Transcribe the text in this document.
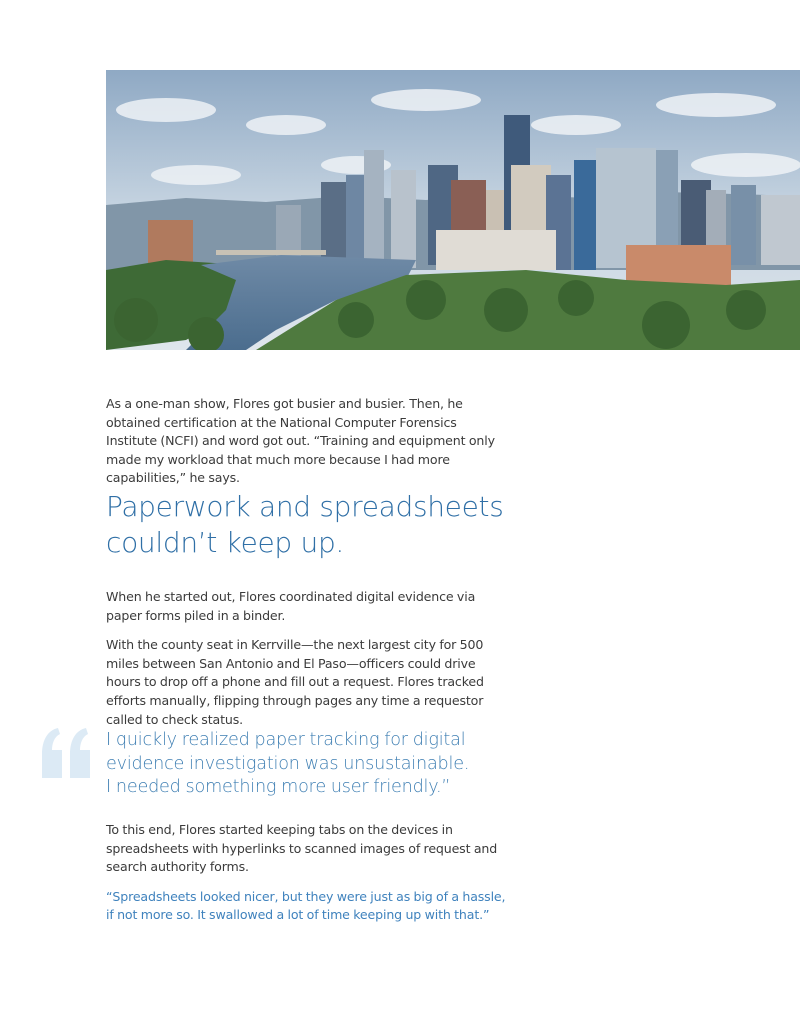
As a one-man show, Flores got busier and busier. Then, he obtained certification at the National Computer Forensics Institute (NCFI) and word got out. “Training and equipment only made my workload that much more because I had more capabilities,” he says.

Paperwork and spreadsheets
couldn’t keep up.

When he started out, Flores coordinated digital evidence via paper forms piled in a binder.

With the county seat in Kerrville—the next largest city for 500 miles between San Antonio and El Paso—officers could drive hours to drop off a phone and fill out a request. Flores tracked efforts manually, flipping through pages any time a requestor called to check status.

I quickly realized paper tracking for digital

evidence investigation was unsustainable.

I needed something more user friendly.”

To this end, Flores started keeping tabs on the devices in spreadsheets with hyperlinks to scanned images of request and search authority forms.

“Spreadsheets looked nicer, but they were just as big of a hassle,

if not more so. It swallowed a lot of time keeping up with that.”
